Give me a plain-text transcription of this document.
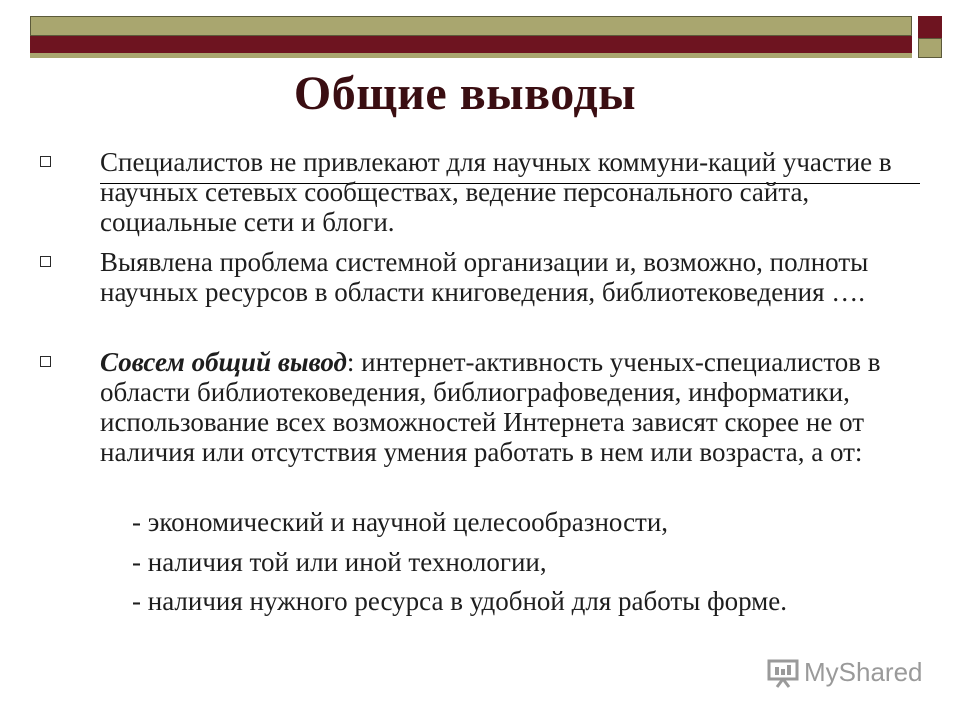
Общие выводы
Специалистов не привлекают для научных коммуни-каций участие в научных сетевых сообществах, ведение персонального сайта, социальные сети и блоги.
Выявлена проблема системной организации и, возможно, полноты научных ресурсов в области книговедения, библиотековедения ….
Совсем общий вывод: интернет-активность ученых-специалистов в области библиотековедения, библиографоведения, информатики, использование всех возможностей Интернета зависят скорее не от наличия или отсутствия умения работать в нем или возраста, а от:
- экономический и научной целесообразности,
- наличия той или иной технологии,
- наличия нужного ресурса в удобной для работы форме.
MyShared
